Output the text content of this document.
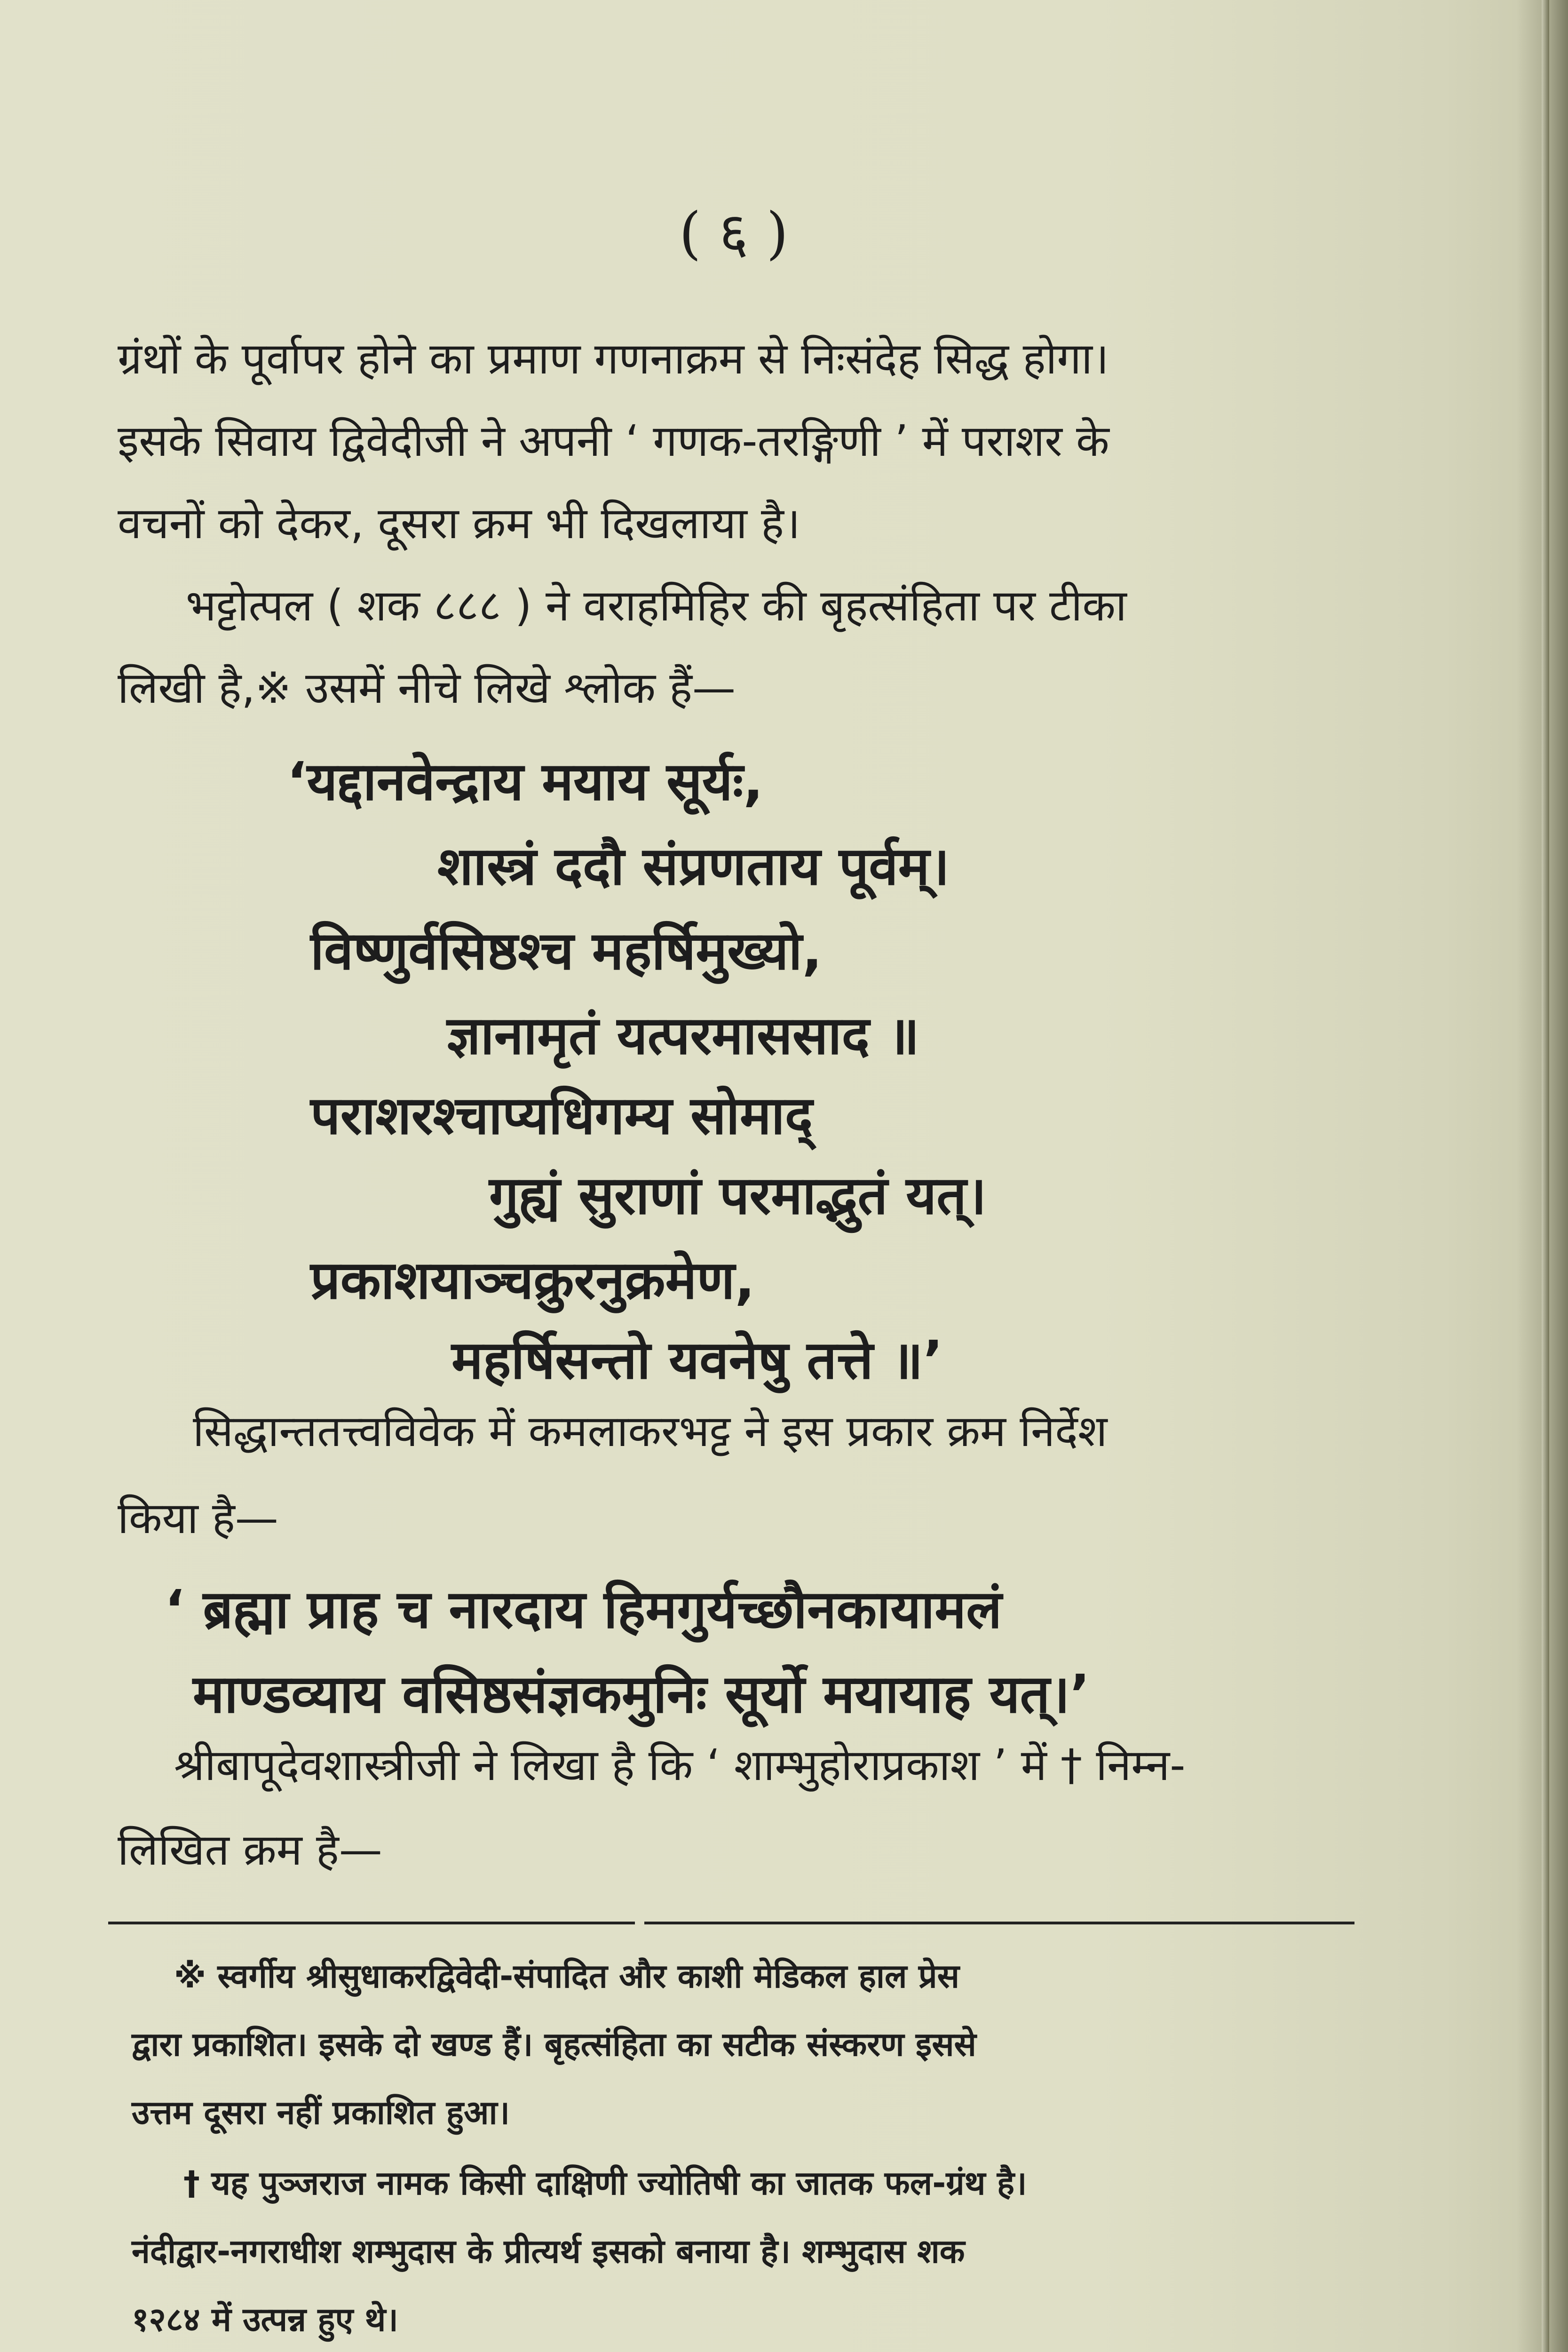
( ६ )
ग्रंथों के पूर्वापर होने का प्रमाण गणनाक्रम से निःसंदेह सिद्ध होगा।
इसके सिवाय द्विवेदीजी ने अपनी ‘ गणक-तरङ्गिणी ’ में पराशर के
वचनों को देकर, दूसरा क्रम भी दिखलाया है।
भट्टोत्पल ( शक ८८८ ) ने वराहमिहिर की बृहत्संहिता पर टीका
लिखी है,※ उसमें नीचे लिखे श्लोक हैं—
‘यद्दानवेन्द्राय मयाय सूर्यः,
शास्त्रं ददौ संप्रणताय पूर्वम्।
विष्णुर्वसिष्ठश्च महर्षिमुख्यो,
ज्ञानामृतं यत्परमाससाद ॥
पराशरश्चाप्यधिगम्य सोमाद्
गुह्यं सुराणां परमाद्भुतं यत्।
प्रकाशयाञ्चक्रुरनुक्रमेण,
महर्षिसन्तो यवनेषु तत्ते ॥’
सिद्धान्ततत्त्वविवेक में कमलाकरभट्ट ने इस प्रकार क्रम निर्देश
किया है—
‘ ब्रह्मा प्राह च नारदाय हिमगुर्यच्छौनकायामलं
माण्डव्याय वसिष्ठसंज्ञकमुनिः सूर्यो मयायाह यत्।’
श्रीबापूदेवशास्त्रीजी ने लिखा है कि ‘ शाम्भुहोराप्रकाश ’ में † निम्न-
लिखित क्रम है—
※ स्वर्गीय श्रीसुधाकरद्विवेदी-संपादित और काशी मेडिकल हाल प्रेस
द्वारा प्रकाशित। इसके दो खण्ड हैं। बृहत्संहिता का सटीक संस्करण इससे
उत्तम दूसरा नहीं प्रकाशित हुआ।
† यह पुञ्जराज नामक किसी दाक्षिणी ज्योतिषी का जातक फल-ग्रंथ है।
नंदीद्वार-नगराधीश शम्भुदास के प्रीत्यर्थ इसको बनाया है। शम्भुदास शक
१२८४ में उत्पन्न हुए थे।
